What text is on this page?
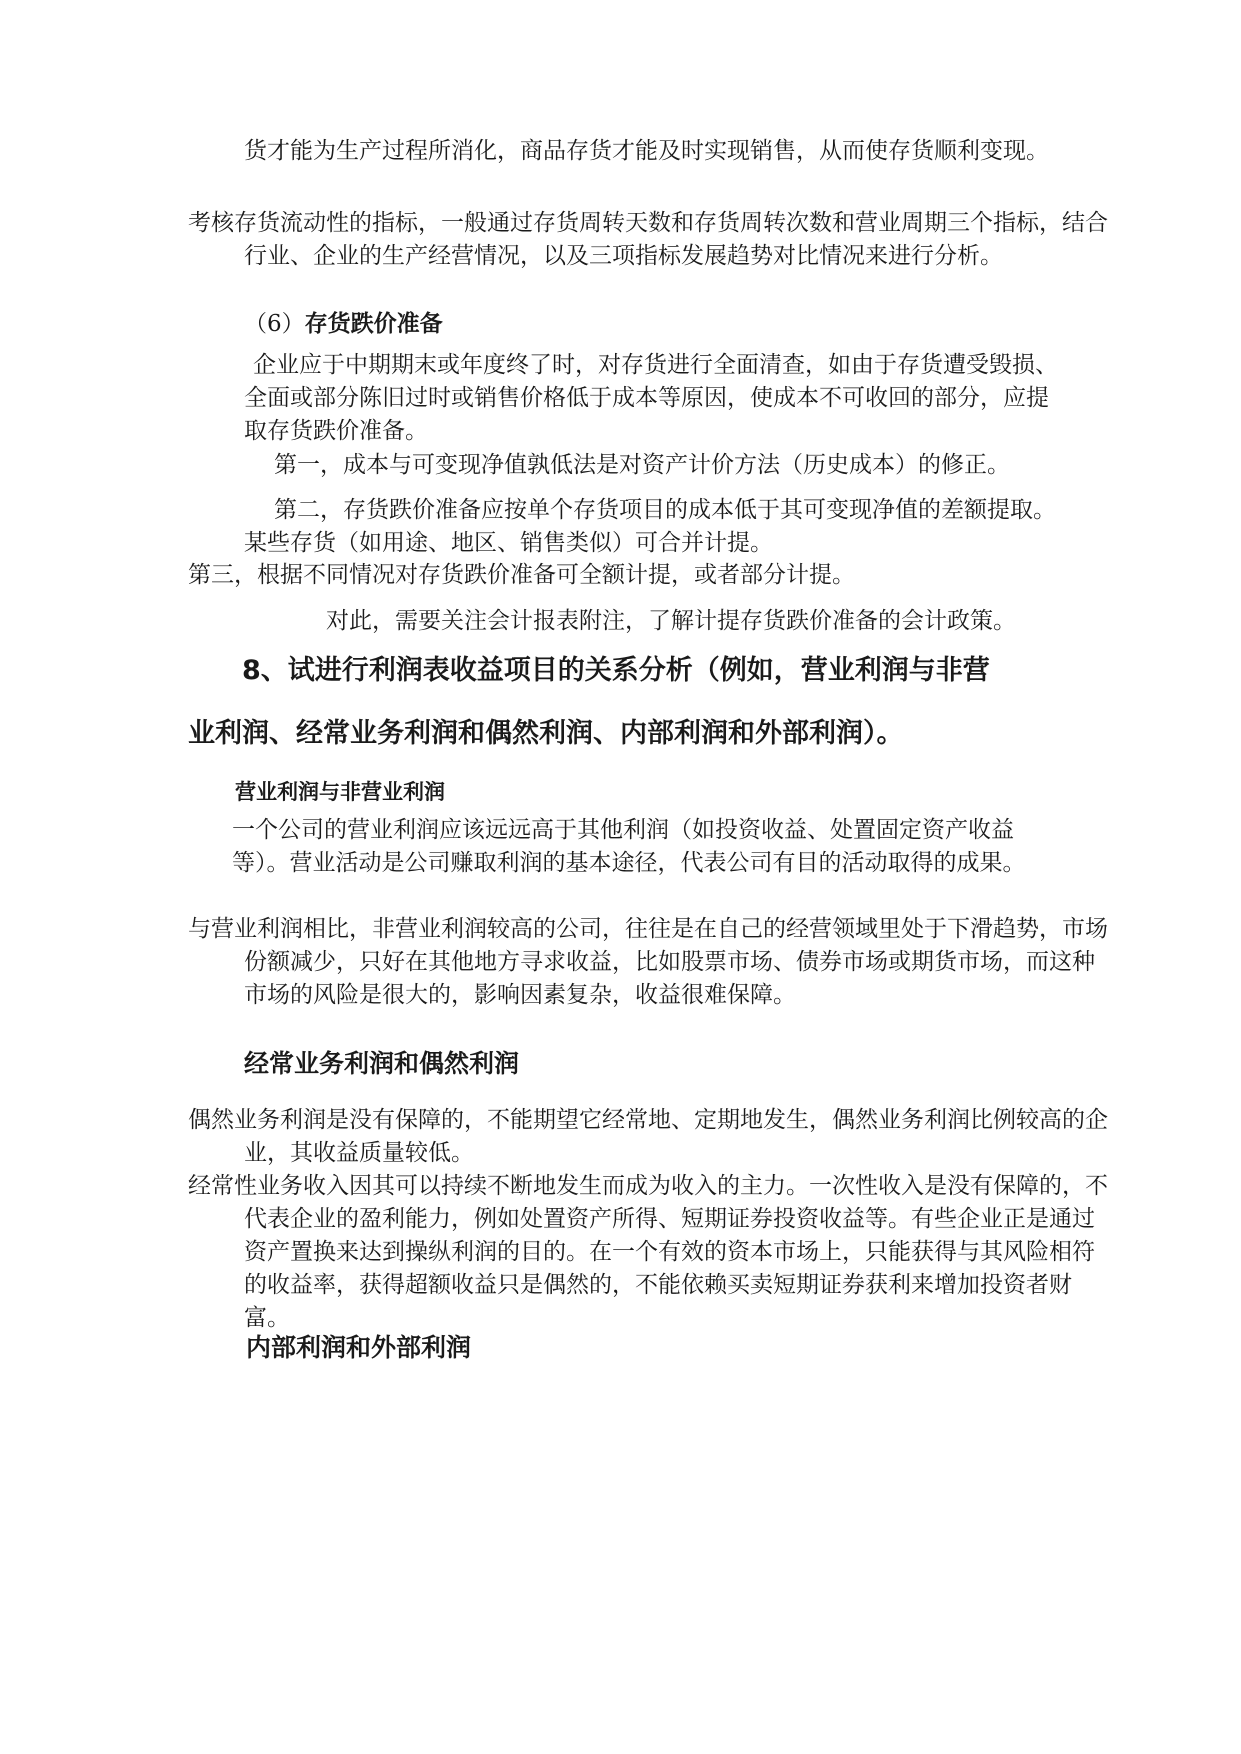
货才能为生产过程所消化，商品存货才能及时实现销售，从而使存货顺利变现。

考核存货流动性的指标，一般通过存货周转天数和存货周转次数和营业周期三个指标，结合行业、企业的生产经营情况，以及三项指标发展趋势对比情况来进行分析。

（6）存货跌价准备

企业应于中期期末或年度终了时，对存货进行全面清查，如由于存货遭受毁损、全面或部分陈旧过时或销售价格低于成本等原因，使成本不可收回的部分，应提取存货跌价准备。

第一，成本与可变现净值孰低法是对资产计价方法（历史成本）的修正。

第二，存货跌价准备应按单个存货项目的成本低于其可变现净值的差额提取。某些存货（如用途、地区、销售类似）可合并计提。

第三，根据不同情况对存货跌价准备可全额计提，或者部分计提。

对此，需要关注会计报表附注，了解计提存货跌价准备的会计政策。

8、试进行利润表收益项目的关系分析（例如，营业利润与非营
业利润、经常业务利润和偶然利润、内部利润和外部利润）。
营业利润与非营业利润

一个公司的营业利润应该远远高于其他利润（如投资收益、处置固定资产收益等）。营业活动是公司赚取利润的基本途径，代表公司有目的活动取得的成果。

与营业利润相比，非营业利润较高的公司，往往是在自己的经营领域里处于下滑趋势，市场份额减少，只好在其他地方寻求收益，比如股票市场、债券市场或期货市场，而这种市场的风险是很大的，影响因素复杂，收益很难保障。

经常业务利润和偶然利润

偶然业务利润是没有保障的，不能期望它经常地、定期地发生，偶然业务利润比例较高的企业，其收益质量较低。

经常性业务收入因其可以持续不断地发生而成为收入的主力。一次性收入是没有保障的，不代表企业的盈利能力，例如处置资产所得、短期证券投资收益等。有些企业正是通过资产置换来达到操纵利润的目的。在一个有效的资本市场上，只能获得与其风险相符的收益率，获得超额收益只是偶然的，不能依赖买卖短期证券获利来增加投资者财富。

内部利润和外部利润
